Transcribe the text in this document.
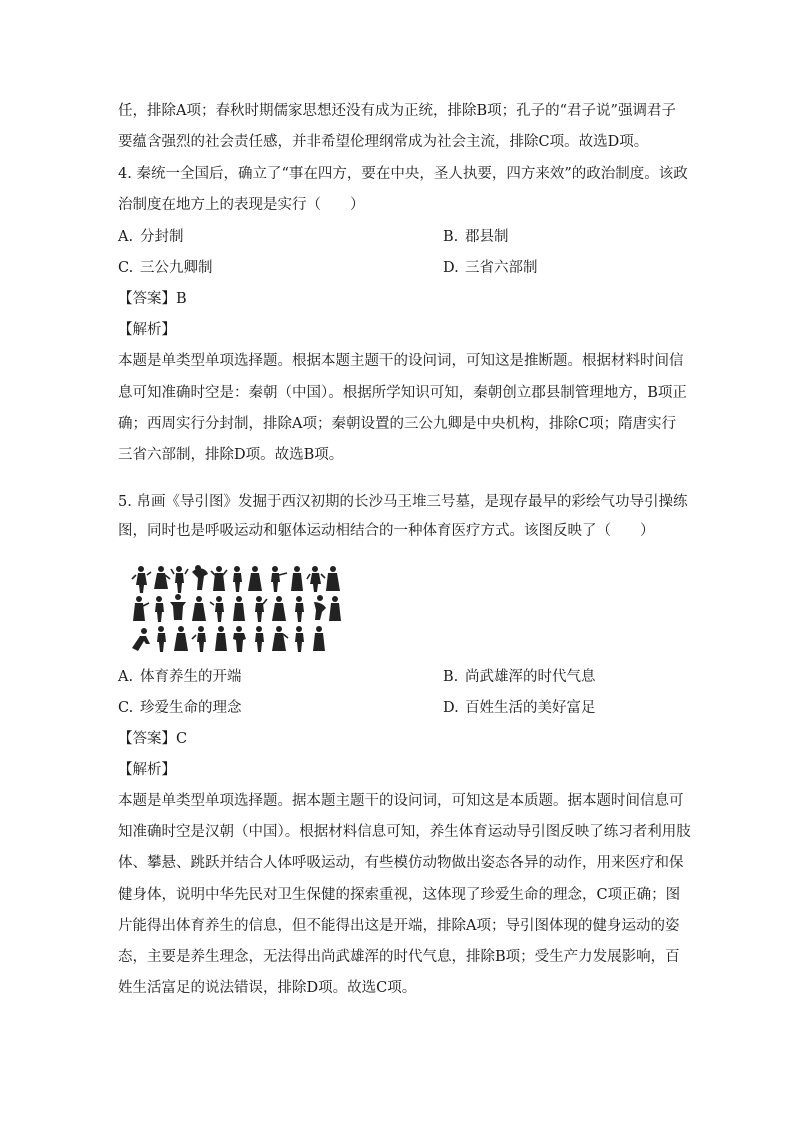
任，排除A项；春秋时期儒家思想还没有成为正统，排除B项；孔子的“君子说”强调君子
要蕴含强烈的社会责任感，并非希望伦理纲常成为社会主流，排除C项。故选D项。
4. 秦统一全国后，确立了“事在四方，要在中央，圣人执要，四方来效”的政治制度。该政
治制度在地方上的表现是实行（　　）
A. 分封制	B. 郡县制
C. 三公九卿制	D. 三省六部制
【答案】B
【解析】
本题是单类型单项选择题。根据本题主题干的设问词，可知这是推断题。根据材料时间信
息可知准确时空是：秦朝（中国）。根据所学知识可知，秦朝创立郡县制管理地方，B项正
确；西周实行分封制，排除A项；秦朝设置的三公九卿是中央机构，排除C项；隋唐实行
三省六部制，排除D项。故选B项。
5. 帛画《导引图》发掘于西汉初期的长沙马王堆三号墓，是现存最早的彩绘气功导引操练
图，同时也是呼吸运动和躯体运动相结合的一种体育医疗方式。该图反映了（　　）
A. 体育养生的开端	B. 尚武雄浑的时代气息
C. 珍爱生命的理念	D. 百姓生活的美好富足
【答案】C
【解析】
本题是单类型单项选择题。据本题主题干的设问词，可知这是本质题。据本题时间信息可
知准确时空是汉朝（中国）。根据材料信息可知，养生体育运动导引图反映了练习者利用肢
体、攀悬、跳跃并结合人体呼吸运动，有些模仿动物做出姿态各异的动作，用来医疗和保
健身体，说明中华先民对卫生保健的探索重视，这体现了珍爱生命的理念，C项正确；图
片能得出体育养生的信息，但不能得出这是开端，排除A项；导引图体现的健身运动的姿
态，主要是养生理念，无法得出尚武雄浑的时代气息，排除B项；受生产力发展影响，百
姓生活富足的说法错误，排除D项。故选C项。
